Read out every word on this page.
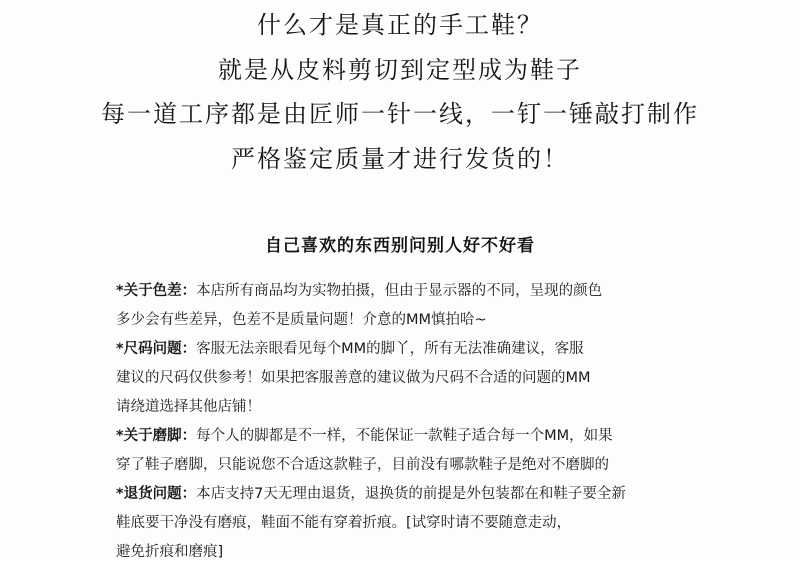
什么才是真正的手工鞋？
就是从皮料剪切到定型成为鞋子
每一道工序都是由匠师一针一线，一钉一锤敲打制作
严格鉴定质量才进行发货的！
自己喜欢的东西别问别人好不好看
*关于色差：本店所有商品均为实物拍摄，但由于显示器的不同，呈现的颜色
多少会有些差异，色差不是质量问题！介意的MM慎拍哈~
*尺码问题：客服无法亲眼看见每个MM的脚丫，所有无法准确建议，客服
建议的尺码仅供参考！如果把客服善意的建议做为尺码不合适的问题的MM
请绕道选择其他店铺！
*关于磨脚：每个人的脚都是不一样，不能保证一款鞋子适合每一个MM，如果
穿了鞋子磨脚，只能说您不合适这款鞋子，目前没有哪款鞋子是绝对不磨脚的
*退货问题：本店支持7天无理由退货，退换货的前提是外包装都在和鞋子要全新
鞋底要干净没有磨痕，鞋面不能有穿着折痕。[试穿时请不要随意走动，
避免折痕和磨痕]
